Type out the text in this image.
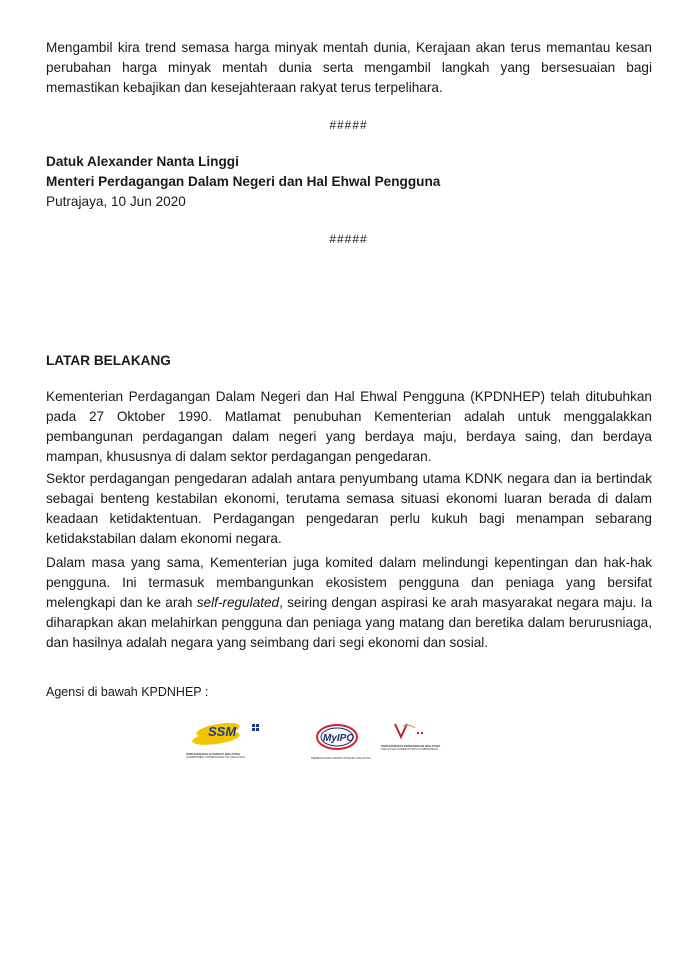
Mengambil kira trend semasa harga minyak mentah dunia, Kerajaan akan terus memantau kesan perubahan harga minyak mentah dunia serta mengambil langkah yang bersesuaian bagi memastikan kebajikan dan kesejahteraan rakyat terus terpelihara.

#####
Datuk Alexander Nanta Linggi
Menteri Perdagangan Dalam Negeri dan Hal Ehwal Pengguna
Putrajaya, 10 Jun 2020
#####
LATAR BELAKANG

Kementerian Perdagangan Dalam Negeri dan Hal Ehwal Pengguna (KPDNHEP) telah ditubuhkan pada 27 Oktober 1990. Matlamat penubuhan Kementerian adalah untuk menggalakkan pembangunan perdagangan dalam negeri yang berdaya maju, berdaya saing, dan berdaya mampan, khususnya di dalam sektor perdagangan pengedaran.

Sektor perdagangan pengedaran adalah antara penyumbang utama KDNK negara dan ia bertindak sebagai benteng kestabilan ekonomi, terutama semasa situasi ekonomi luaran berada di dalam keadaan ketidaktentuan. Perdagangan pengedaran perlu kukuh bagi menampan sebarang ketidakstabilan dalam ekonomi negara.

Dalam masa yang sama, Kementerian juga komited dalam melindungi kepentingan dan hak-hak pengguna. Ini termasuk membangunkan ekosistem pengguna dan peniaga yang bersifat melengkapi dan ke arah self-regulated, seiring dengan aspirasi ke arah masyarakat negara maju. Ia diharapkan akan melahirkan pengguna dan peniaga yang matang dan beretika dalam berurusniaga, dan hasilnya adalah negara yang seimbang dari segi ekonomi dan sosial.

Agensi di bawah KPDNHEP :
SSM
SURUHANJAYA SYARIKAT MALAYSIA
COMPANIES COMMISSION OF MALAYSIA
MyIPO
PERBADANAN HARTA INTELEK MALAYSIA
SURUHANJAYA PERSAINGAN MALAYSIA
MALAYSIA COMPETITION COMMISSION
